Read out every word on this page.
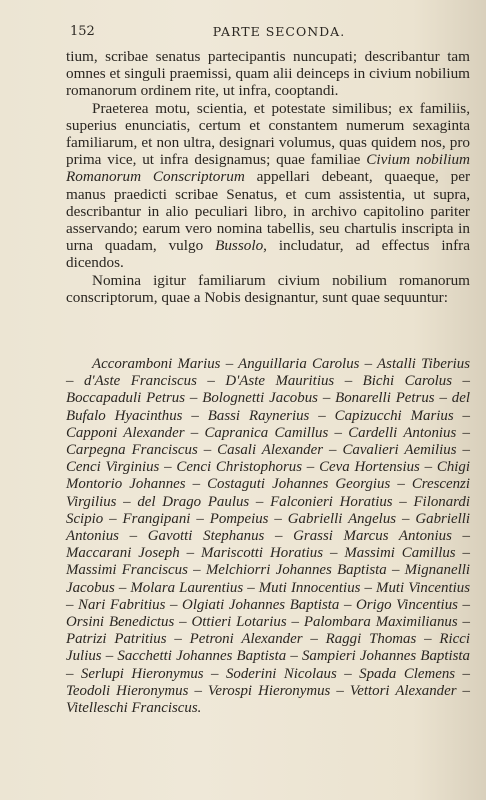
152	PARTE SECONDA.

tium, scribae senatus partecipantis nuncupati; describantur tam omnes et singuli praemissi, quam alii deinceps in civium nobilium romanorum ordinem rite, ut infra, cooptandi.

Praeterea motu, scientia, et potestate similibus; ex familiis, superius enunciatis, certum et constantem numerum sexaginta familiarum, et non ultra, designari volumus, quas quidem nos, pro prima vice, ut infra designamus; quae familiae Civium nobilium Romanorum Conscriptorum appellari debeant, quaeque, per manus praedicti scribae Senatus, et cum assistentia, ut supra, describantur in alio peculiari libro, in archivo capitolino pariter asservando; earum vero nomina tabellis, seu chartulis inscripta in urna quadam, vulgo Bussolo, includatur, ad effectus infra dicendos.

Nomina igitur familiarum civium nobilium romanorum conscriptorum, quae a Nobis designantur, sunt quae sequuntur:

Accoramboni Marius – Anguillaria Carolus – Astalli Tiberius – d'Aste Franciscus – D'Aste Mauritius – Bichi Carolus – Boccapaduli Petrus – Bolognetti Jacobus – Bonarelli Petrus – del Bufalo Hyacinthus – Bassi Raynerius – Capizucchi Marius – Capponi Alexander – Capranica Camillus – Cardelli Antonius – Carpegna Franciscus – Casali Alexander – Cavalieri Aemilius – Cenci Virginius – Cenci Christophorus – Ceva Hortensius – Chigi Montorio Johannes – Costaguti Johannes Georgius – Crescenzi Virgilius – del Drago Paulus – Falconieri Horatius – Filonardi Scipio – Frangipani – Pompeius – Gabrielli Angelus – Gabrielli Antonius – Gavotti Stephanus – Grassi Marcus Antonius – Maccarani Joseph – Mariscotti Horatius – Massimi Camillus – Massimi Franciscus – Melchiorri Johannes Baptista – Mignanelli Jacobus – Molara Laurentius – Muti Innocentius – Muti Vincentius – Nari Fabritius – Olgiati Johannes Baptista – Origo Vincentius – Orsini Benedictus – Ottieri Lotarius – Palombara Maximilianus – Patrizi Patritius – Petroni Alexander – Raggi Thomas – Ricci Julius – Sacchetti Johannes Baptista – Sampieri Johannes Baptista – Serlupi Hieronymus – Soderini Nicolaus – Spada Clemens – Teodoli Hieronymus – Verospi Hieronymus – Vettori Alexander – Vitelleschi Franciscus.
